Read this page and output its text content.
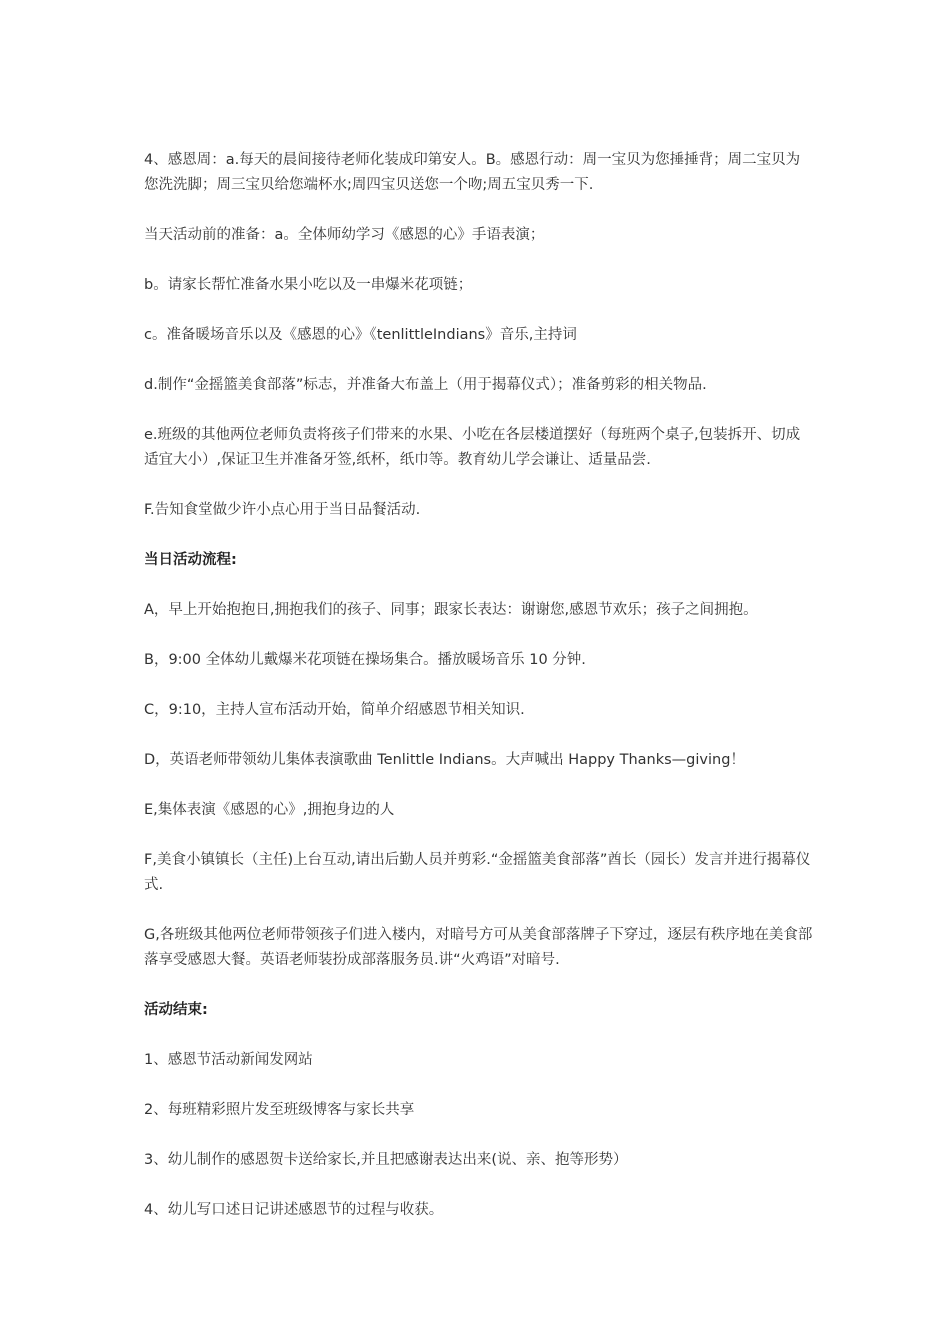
4、感恩周：a.每天的晨间接待老师化装成印第安人。B。感恩行动：周一宝贝为您捶捶背；周二宝贝为您洗洗脚；周三宝贝给您端杯水;周四宝贝送您一个吻;周五宝贝秀一下.

当天活动前的准备：a。全体师幼学习《感恩的心》手语表演；

b。请家长帮忙准备水果小吃以及一串爆米花项链；

c。准备暖场音乐以及《感恩的心》《tenlittleIndians》音乐,主持词

d.制作“金摇篮美食部落”标志，并准备大布盖上（用于揭幕仪式）；准备剪彩的相关物品.

e.班级的其他两位老师负责将孩子们带来的水果、小吃在各层楼道摆好（每班两个桌子,包装拆开、切成适宜大小）,保证卫生并准备牙签,纸杯，纸巾等。教育幼儿学会谦让、适量品尝.

F.告知食堂做少许小点心用于当日品餐活动.

当日活动流程:

A，早上开始抱抱日,拥抱我们的孩子、同事；跟家长表达：谢谢您,感恩节欢乐；孩子之间拥抱。

B，9:00 全体幼儿戴爆米花项链在操场集合。播放暖场音乐 10 分钟.

C，9:10，主持人宣布活动开始，简单介绍感恩节相关知识.

D，英语老师带领幼儿集体表演歌曲 Tenlittle Indians。大声喊出 Happy Thanks—giving！

E,集体表演《感恩的心》,拥抱身边的人

F,美食小镇镇长（主任)上台互动,请出后勤人员并剪彩.“金摇篮美食部落”酋长（园长）发言并进行揭幕仪式.

G,各班级其他两位老师带领孩子们进入楼内，对暗号方可从美食部落牌子下穿过，逐层有秩序地在美食部落享受感恩大餐。英语老师装扮成部落服务员.讲“火鸡语”对暗号.

活动结束:

1、感恩节活动新闻发网站

2、每班精彩照片发至班级博客与家长共享

3、幼儿制作的感恩贺卡送给家长,并且把感谢表达出来(说、亲、抱等形势）

4、幼儿写口述日记讲述感恩节的过程与收获。
